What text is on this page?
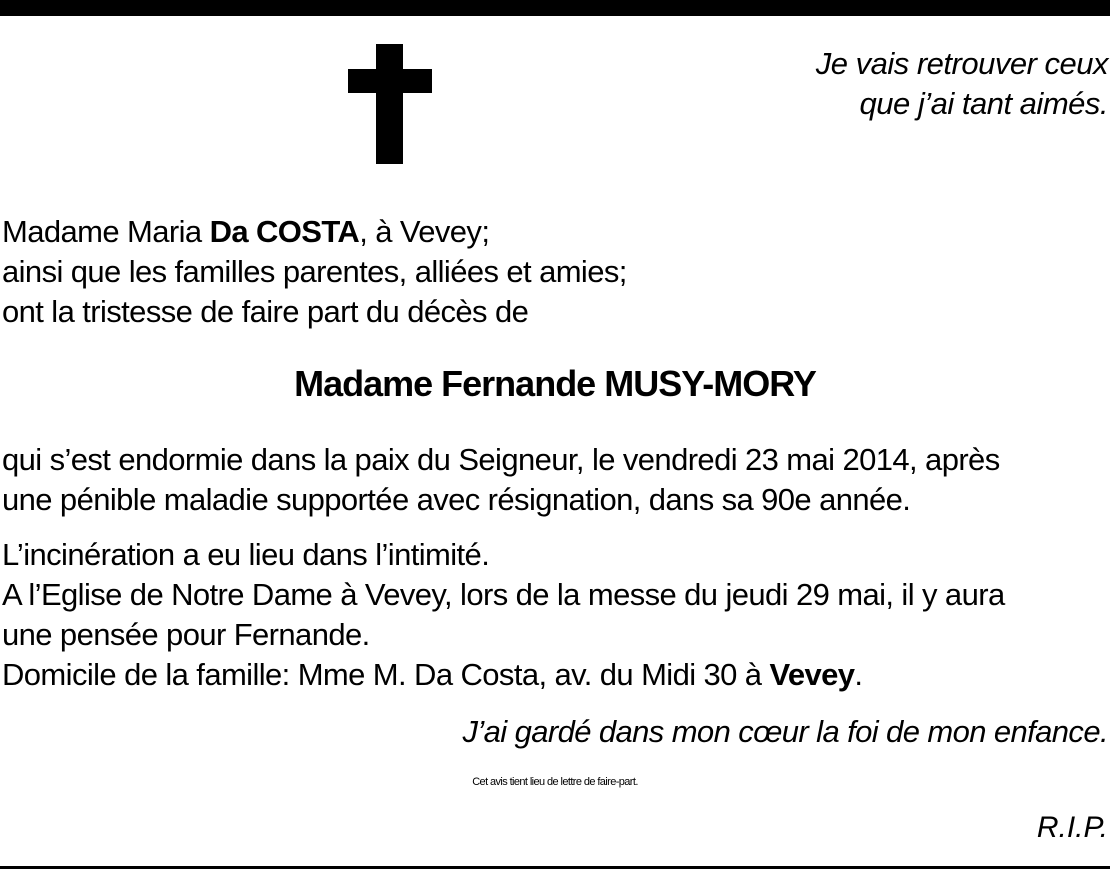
Je vais retrouver ceux
que j’ai tant aimés.
Madame Maria Da COSTA, à Vevey;
ainsi que les familles parentes, alliées et amies;
ont la tristesse de faire part du décès de
Madame Fernande MUSY-MORY
qui s’est endormie dans la paix du Seigneur, le vendredi 23 mai 2014, après
une pénible maladie supportée avec résignation, dans sa 90e année.
L’incinération a eu lieu dans l’intimité.
A l’Eglise de Notre Dame à Vevey, lors de la messe du jeudi 29 mai, il y aura
une pensée pour Fernande.
Domicile de la famille: Mme M. Da Costa, av. du Midi 30 à Vevey.
J’ai gardé dans mon cœur la foi de mon enfance.
Cet avis tient lieu de lettre de faire-part.
R.I.P.
